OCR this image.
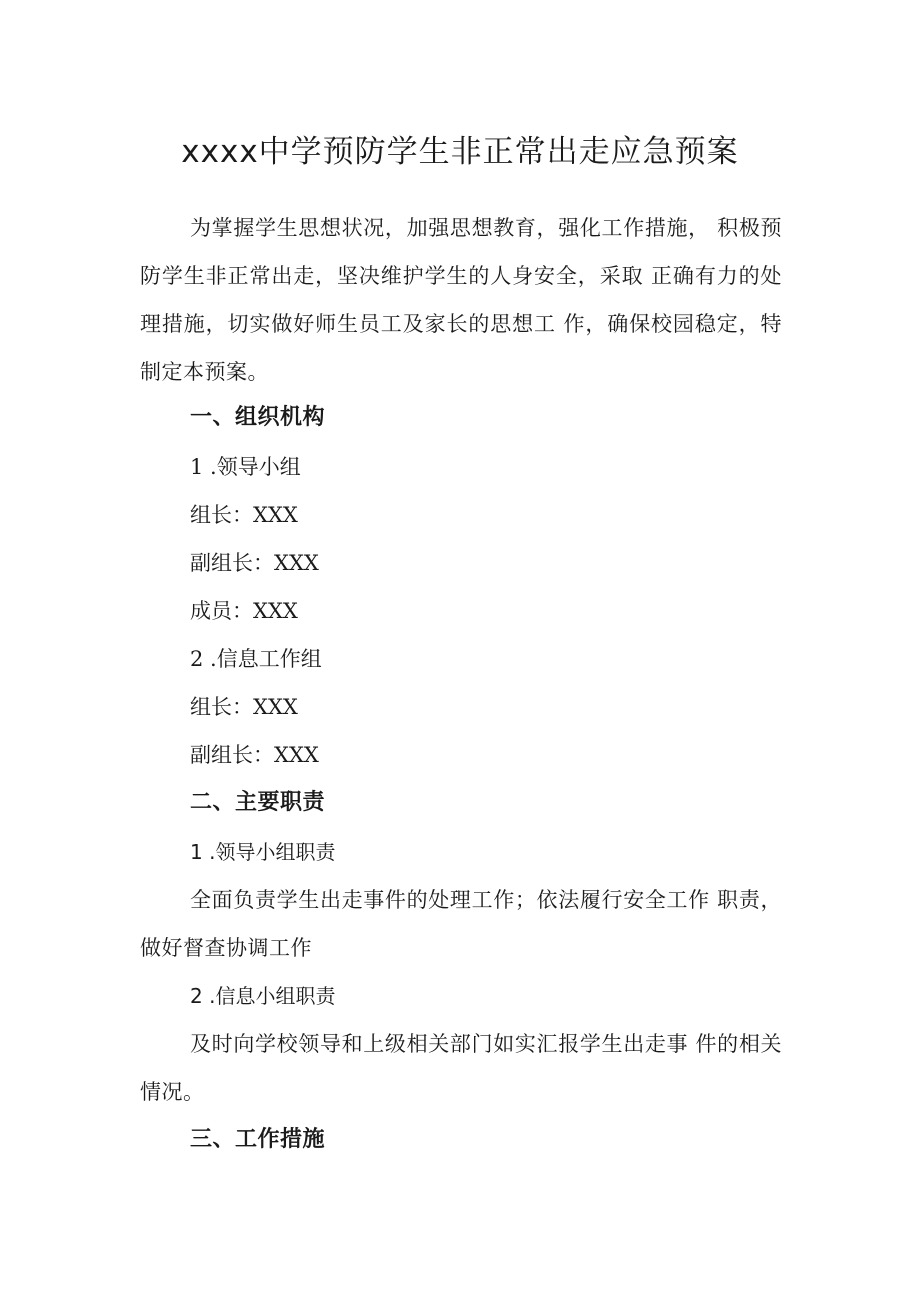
xxxx中学预防学生非正常出走应急预案
为掌握学生思想状况，加强思想教育，强化工作措施， 积极预防学生非正常出走，坚决维护学生的人身安全，采取 正确有力的处理措施，切实做好师生员工及家长的思想工 作，确保校园稳定，特制定本预案。
一、组织机构
1 .领导小组
组长：XXX
副组长：XXX
成员：XXX
2 .信息工作组
组长：XXX
副组长：XXX
二、主要职责
1 .领导小组职责
全面负责学生出走事件的处理工作；依法履行安全工作 职责，做好督查协调工作
2 .信息小组职责
及时向学校领导和上级相关部门如实汇报学生出走事 件的相关情况。
三、工作措施
